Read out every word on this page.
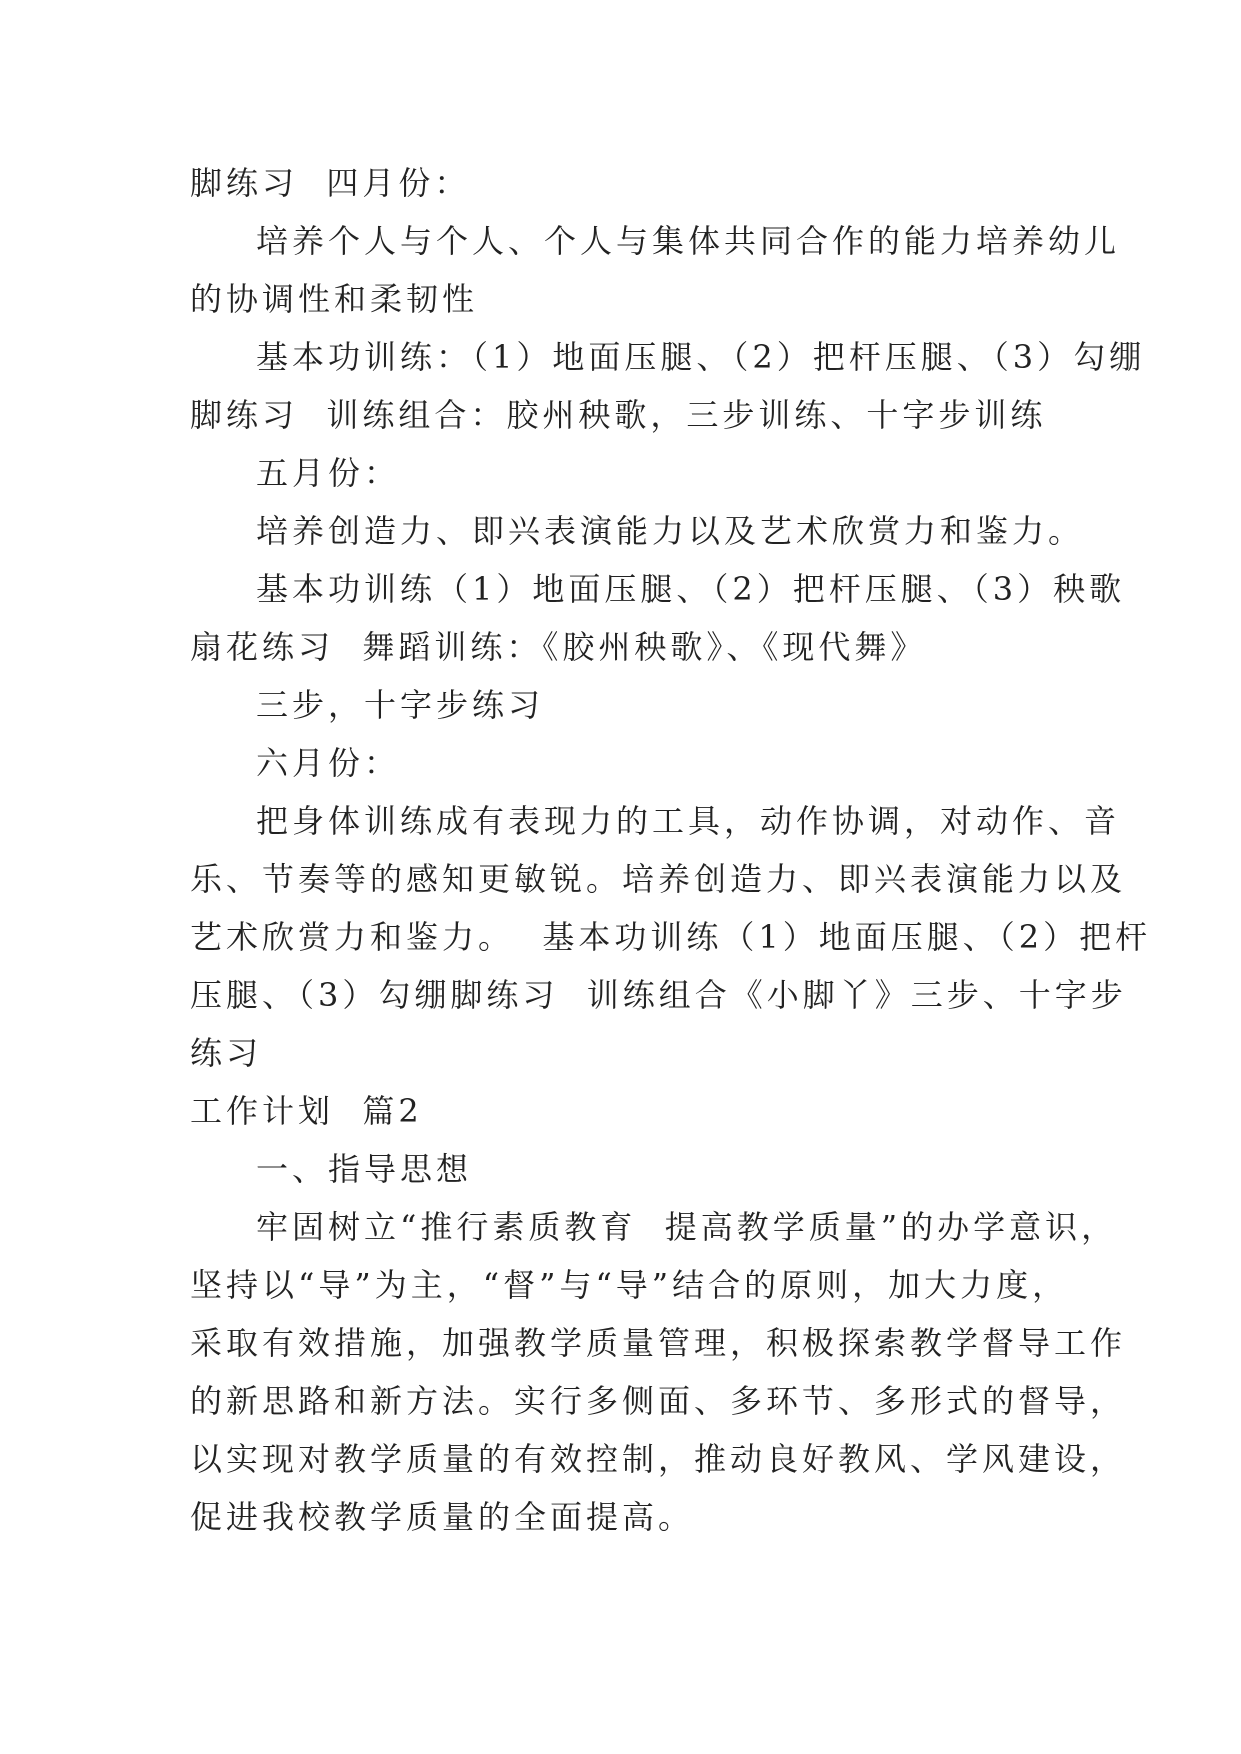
脚练习  四月份：
培养个人与个人、个人与集体共同合作的能力培养幼儿
的协调性和柔韧性
基本功训练：（1）地面压腿、（2）把杆压腿、（3）勾绷
脚练习  训练组合：胶州秧歌，三步训练、十字步训练
五月份：
培养创造力、即兴表演能力以及艺术欣赏力和鉴力。
基本功训练（1）地面压腿、（2）把杆压腿、（3）秧歌
扇花练习  舞蹈训练：《胶州秧歌》、《现代舞》
三步，十字步练习
六月份：
把身体训练成有表现力的工具，动作协调，对动作、音
乐、节奏等的感知更敏锐。培养创造力、即兴表演能力以及
艺术欣赏力和鉴力。  基本功训练（1）地面压腿、（2）把杆
压腿、（3）勾绷脚练习  训练组合《小脚丫》三步、十字步
练习
工作计划  篇2
一、指导思想
牢固树立“推行素质教育  提高教学质量”的办学意识，
坚持以“导”为主，“督”与“导”结合的原则，加大力度，
采取有效措施，加强教学质量管理，积极探索教学督导工作
的新思路和新方法。实行多侧面、多环节、多形式的督导，
以实现对教学质量的有效控制，推动良好教风、学风建设，
促进我校教学质量的全面提高。
